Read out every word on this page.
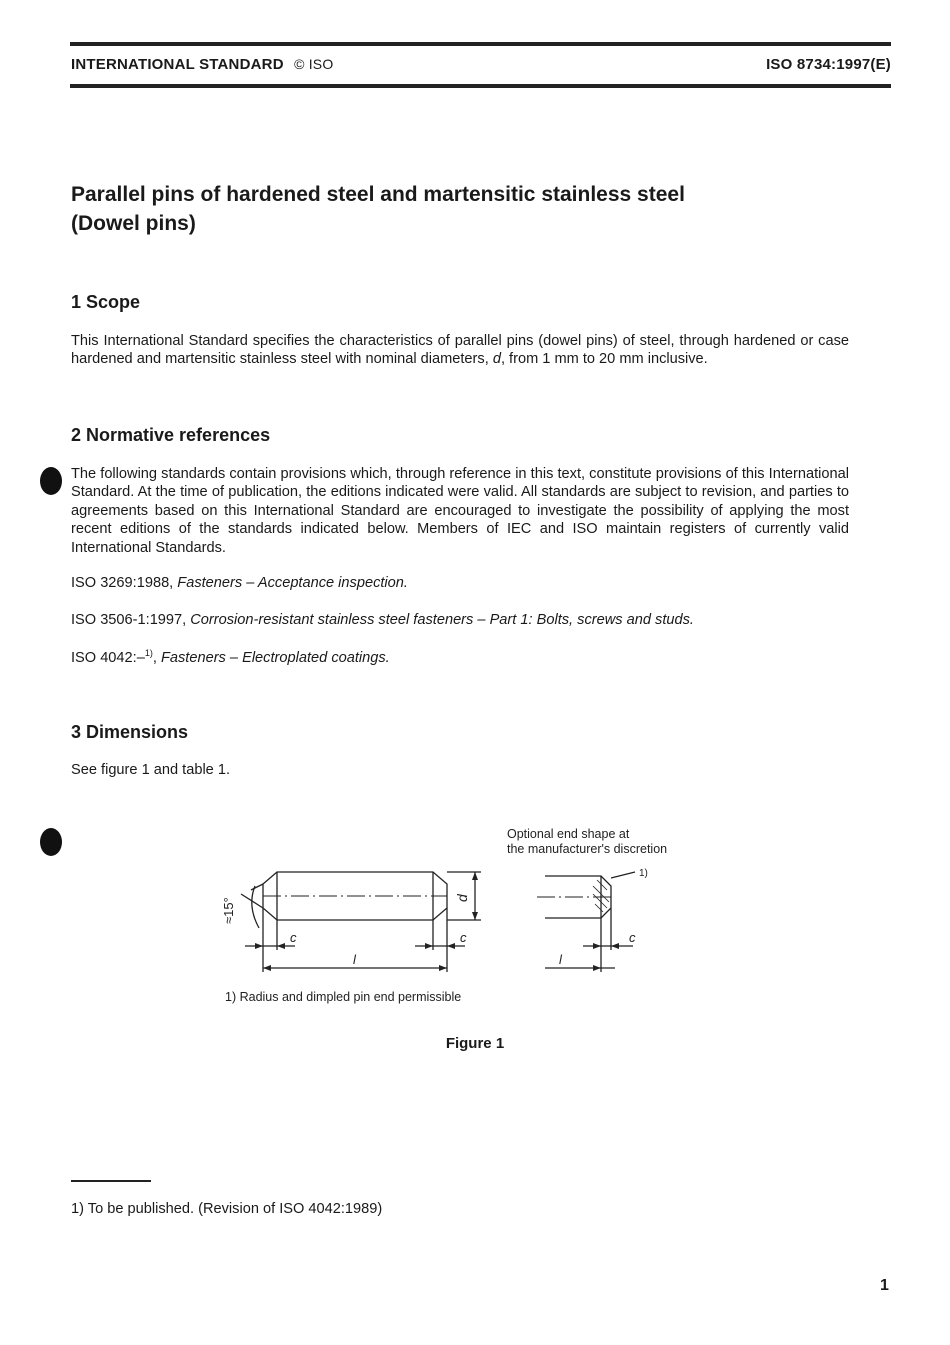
INTERNATIONAL STANDARD © ISO	ISO 8734:1997(E)
Parallel pins of hardened steel and martensitic stainless steel
(Dowel pins)
1 Scope

This International Standard specifies the characteristics of parallel pins (dowel pins) of steel, through hardened or case hardened and martensitic stainless steel with nominal diameters, d, from 1 mm to 20 mm inclusive.

2 Normative references

The following standards contain provisions which, through reference in this text, constitute provisions of this International Standard. At the time of publication, the editions indicated were valid. All standards are subject to revision, and parties to agreements based on this International Standard are encouraged to investigate the possibility of applying the most recent editions of the standards indicated below. Members of IEC and ISO maintain registers of currently valid International Standards.

ISO 3269:1988, Fasteners – Acceptance inspection.

ISO 3506-1:1997, Corrosion-resistant stainless steel fasteners – Part 1: Bolts, screws and studs.

ISO 4042:–$^{1)}$, Fasteners – Electroplated coatings.

3 Dimensions

See figure 1 and table 1.

Optional end shape at
the manufacturer's discretion
1)
≈15°	d
c	c
l
c
l
1) Radius and dimpled pin end permissible
Figure 1
1) To be published. (Revision of ISO 4042:1989)
1
